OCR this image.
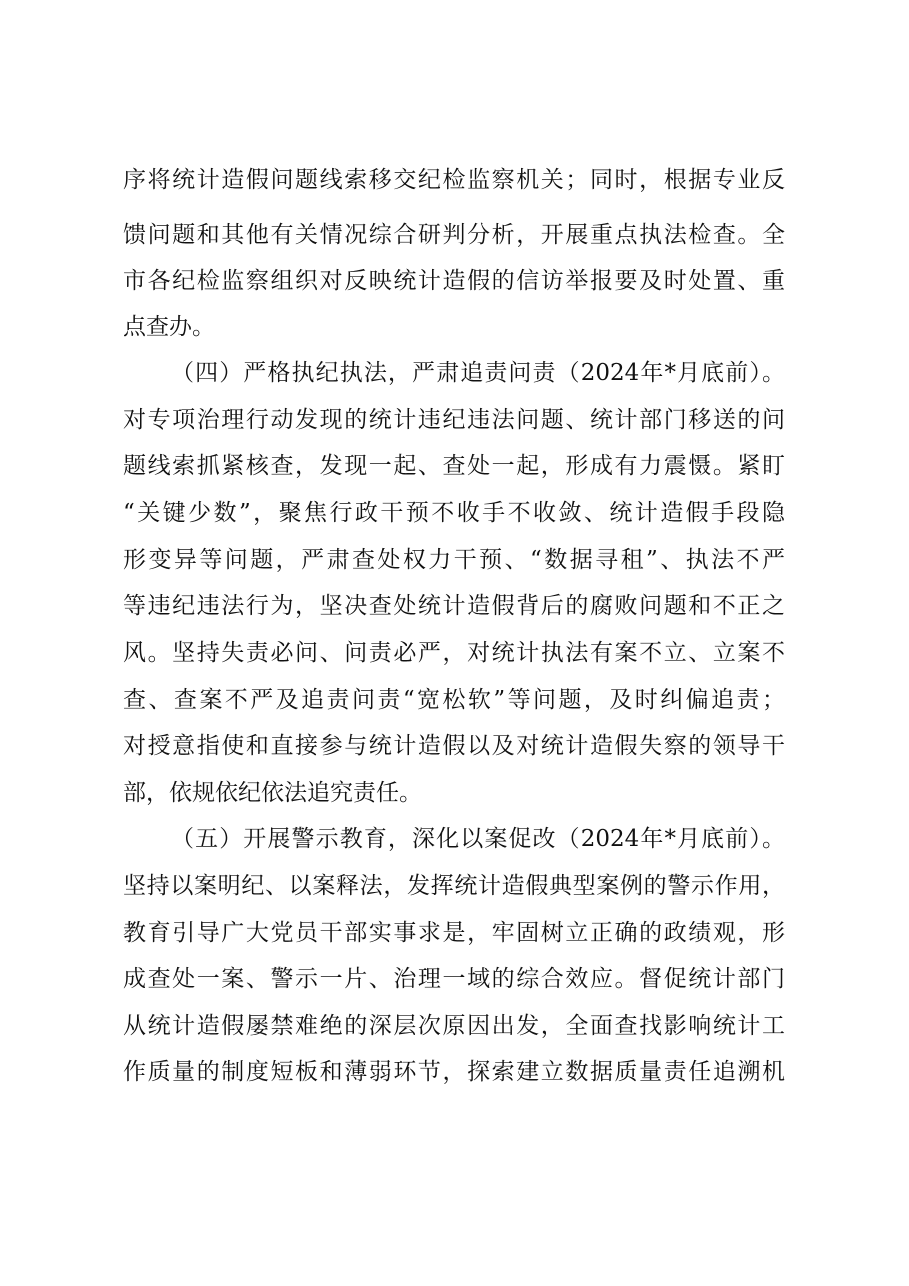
序将统计造假问题线索移交纪检监察机关；同时，根据专业反
馈问题和其他有关情况综合研判分析，开展重点执法检查。全
市各纪检监察组织对反映统计造假的信访举报要及时处置、重
点查办。
（四）严格执纪执法，严肃追责问责（2024年*月底前）。
对专项治理行动发现的统计违纪违法问题、统计部门移送的问
题线索抓紧核查，发现一起、查处一起，形成有力震慑。紧盯
“关键少数”，聚焦行政干预不收手不收敛、统计造假手段隐
形变异等问题，严肃查处权力干预、“数据寻租”、执法不严
等违纪违法行为，坚决查处统计造假背后的腐败问题和不正之
风。坚持失责必问、问责必严，对统计执法有案不立、立案不
查、查案不严及追责问责“宽松软”等问题，及时纠偏追责；
对授意指使和直接参与统计造假以及对统计造假失察的领导干
部，依规依纪依法追究责任。
（五）开展警示教育，深化以案促改（2024年*月底前）。
坚持以案明纪、以案释法，发挥统计造假典型案例的警示作用，
教育引导广大党员干部实事求是，牢固树立正确的政绩观，形
成查处一案、警示一片、治理一域的综合效应。督促统计部门
从统计造假屡禁难绝的深层次原因出发，全面查找影响统计工
作质量的制度短板和薄弱环节，探索建立数据质量责任追溯机
